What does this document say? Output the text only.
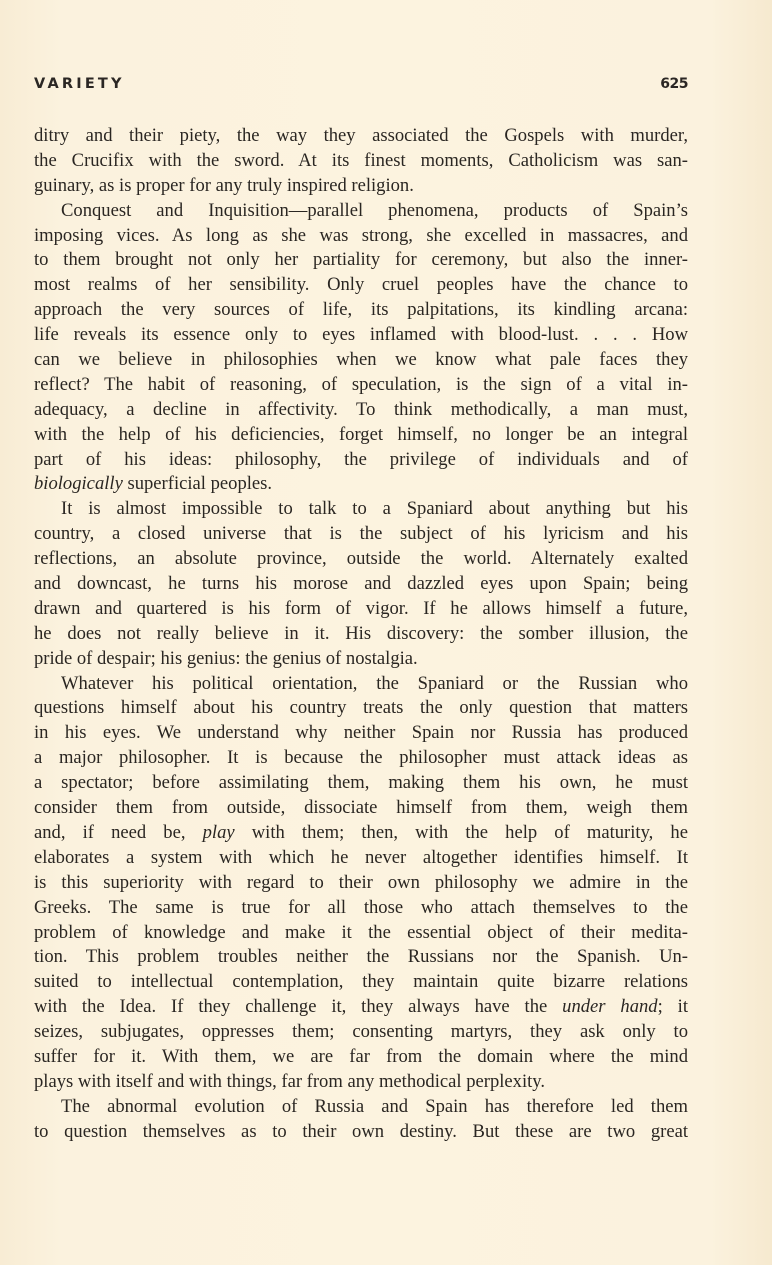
VARIETY	625
ditry and their piety, the way they associated the Gospels with murder,
the Crucifix with the sword. At its finest moments, Catholicism was san-
guinary, as is proper for any truly inspired religion.
Conquest and Inquisition—parallel phenomena, products of Spain’s
imposing vices. As long as she was strong, she excelled in massacres, and
to them brought not only her partiality for ceremony, but also the inner-
most realms of her sensibility. Only cruel peoples have the chance to
approach the very sources of life, its palpitations, its kindling arcana:
life reveals its essence only to eyes inflamed with blood-lust. . . . How
can we believe in philosophies when we know what pale faces they
reflect? The habit of reasoning, of speculation, is the sign of a vital in-
adequacy, a decline in affectivity. To think methodically, a man must,
with the help of his deficiencies, forget himself, no longer be an integral
part of his ideas: philosophy, the privilege of individuals and of
biologically superficial peoples.
It is almost impossible to talk to a Spaniard about anything but his
country, a closed universe that is the subject of his lyricism and his
reflections, an absolute province, outside the world. Alternately exalted
and downcast, he turns his morose and dazzled eyes upon Spain; being
drawn and quartered is his form of vigor. If he allows himself a future,
he does not really believe in it. His discovery: the somber illusion, the
pride of despair; his genius: the genius of nostalgia.
Whatever his political orientation, the Spaniard or the Russian who
questions himself about his country treats the only question that matters
in his eyes. We understand why neither Spain nor Russia has produced
a major philosopher. It is because the philosopher must attack ideas as
a spectator; before assimilating them, making them his own, he must
consider them from outside, dissociate himself from them, weigh them
and, if need be, play with them; then, with the help of maturity, he
elaborates a system with which he never altogether identifies himself. It
is this superiority with regard to their own philosophy we admire in the
Greeks. The same is true for all those who attach themselves to the
problem of knowledge and make it the essential object of their medita-
tion. This problem troubles neither the Russians nor the Spanish. Un-
suited to intellectual contemplation, they maintain quite bizarre relations
with the Idea. If they challenge it, they always have the under hand; it
seizes, subjugates, oppresses them; consenting martyrs, they ask only to
suffer for it. With them, we are far from the domain where the mind
plays with itself and with things, far from any methodical perplexity.
The abnormal evolution of Russia and Spain has therefore led them
to question themselves as to their own destiny. But these are two great
